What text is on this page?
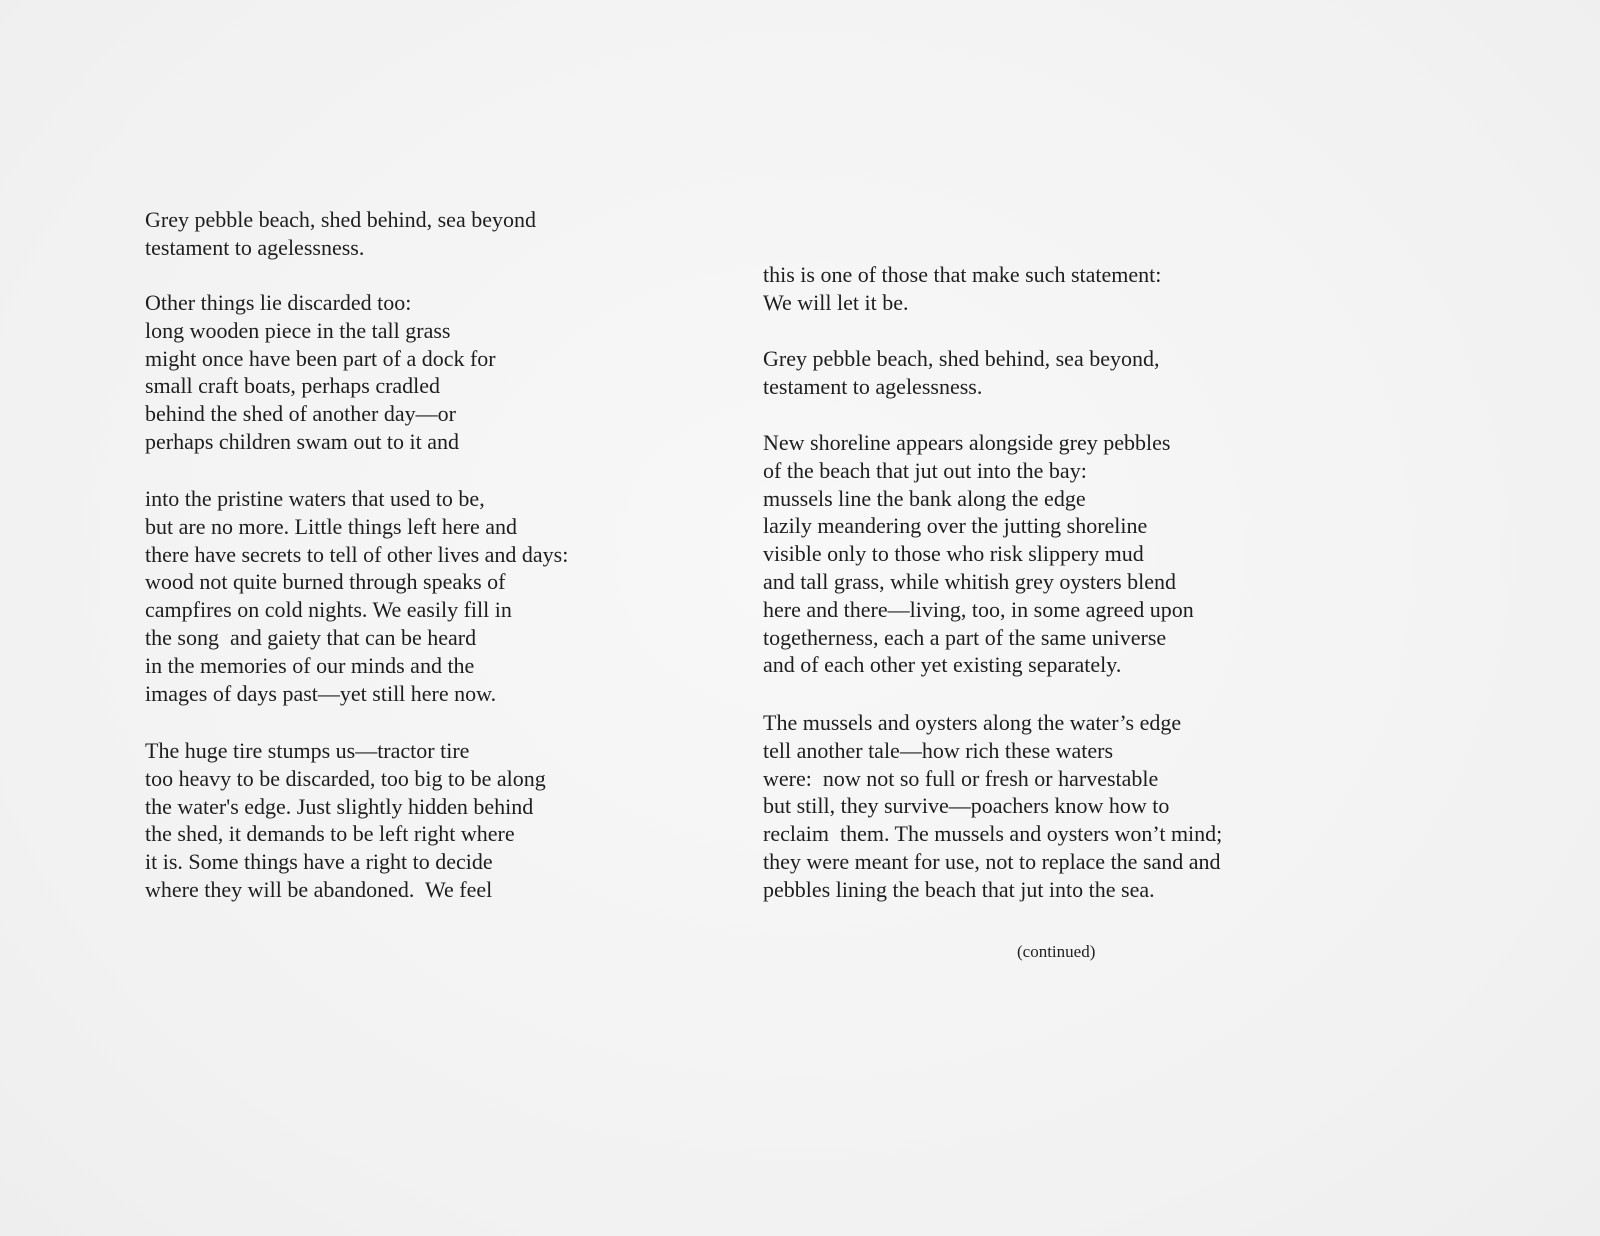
Grey pebble beach, shed behind, sea beyond
testament to agelessness.
Other things lie discarded too:
long wooden piece in the tall grass
might once have been part of a dock for
small craft boats, perhaps cradled
behind the shed of another day—or
perhaps children swam out to it and
into the pristine waters that used to be,
but are no more. Little things left here and
there have secrets to tell of other lives and days:
wood not quite burned through speaks of
campfires on cold nights. We easily fill in
the song  and gaiety that can be heard
in the memories of our minds and the
images of days past—yet still here now.
The huge tire stumps us—tractor tire
too heavy to be discarded, too big to be along
the water's edge. Just slightly hidden behind
the shed, it demands to be left right where
it is. Some things have a right to decide
where they will be abandoned.  We feel
this is one of those that make such statement:
We will let it be.
Grey pebble beach, shed behind, sea beyond,
testament to agelessness.
New shoreline appears alongside grey pebbles
of the beach that jut out into the bay:
mussels line the bank along the edge
lazily meandering over the jutting shoreline
visible only to those who risk slippery mud
and tall grass, while whitish grey oysters blend
here and there—living, too, in some agreed upon
togetherness, each a part of the same universe
and of each other yet existing separately.
The mussels and oysters along the water’s edge
tell another tale—how rich these waters
were:  now not so full or fresh or harvestable
but still, they survive—poachers know how to
reclaim  them. The mussels and oysters won’t mind;
they were meant for use, not to replace the sand and
pebbles lining the beach that jut into the sea.
(continued)
